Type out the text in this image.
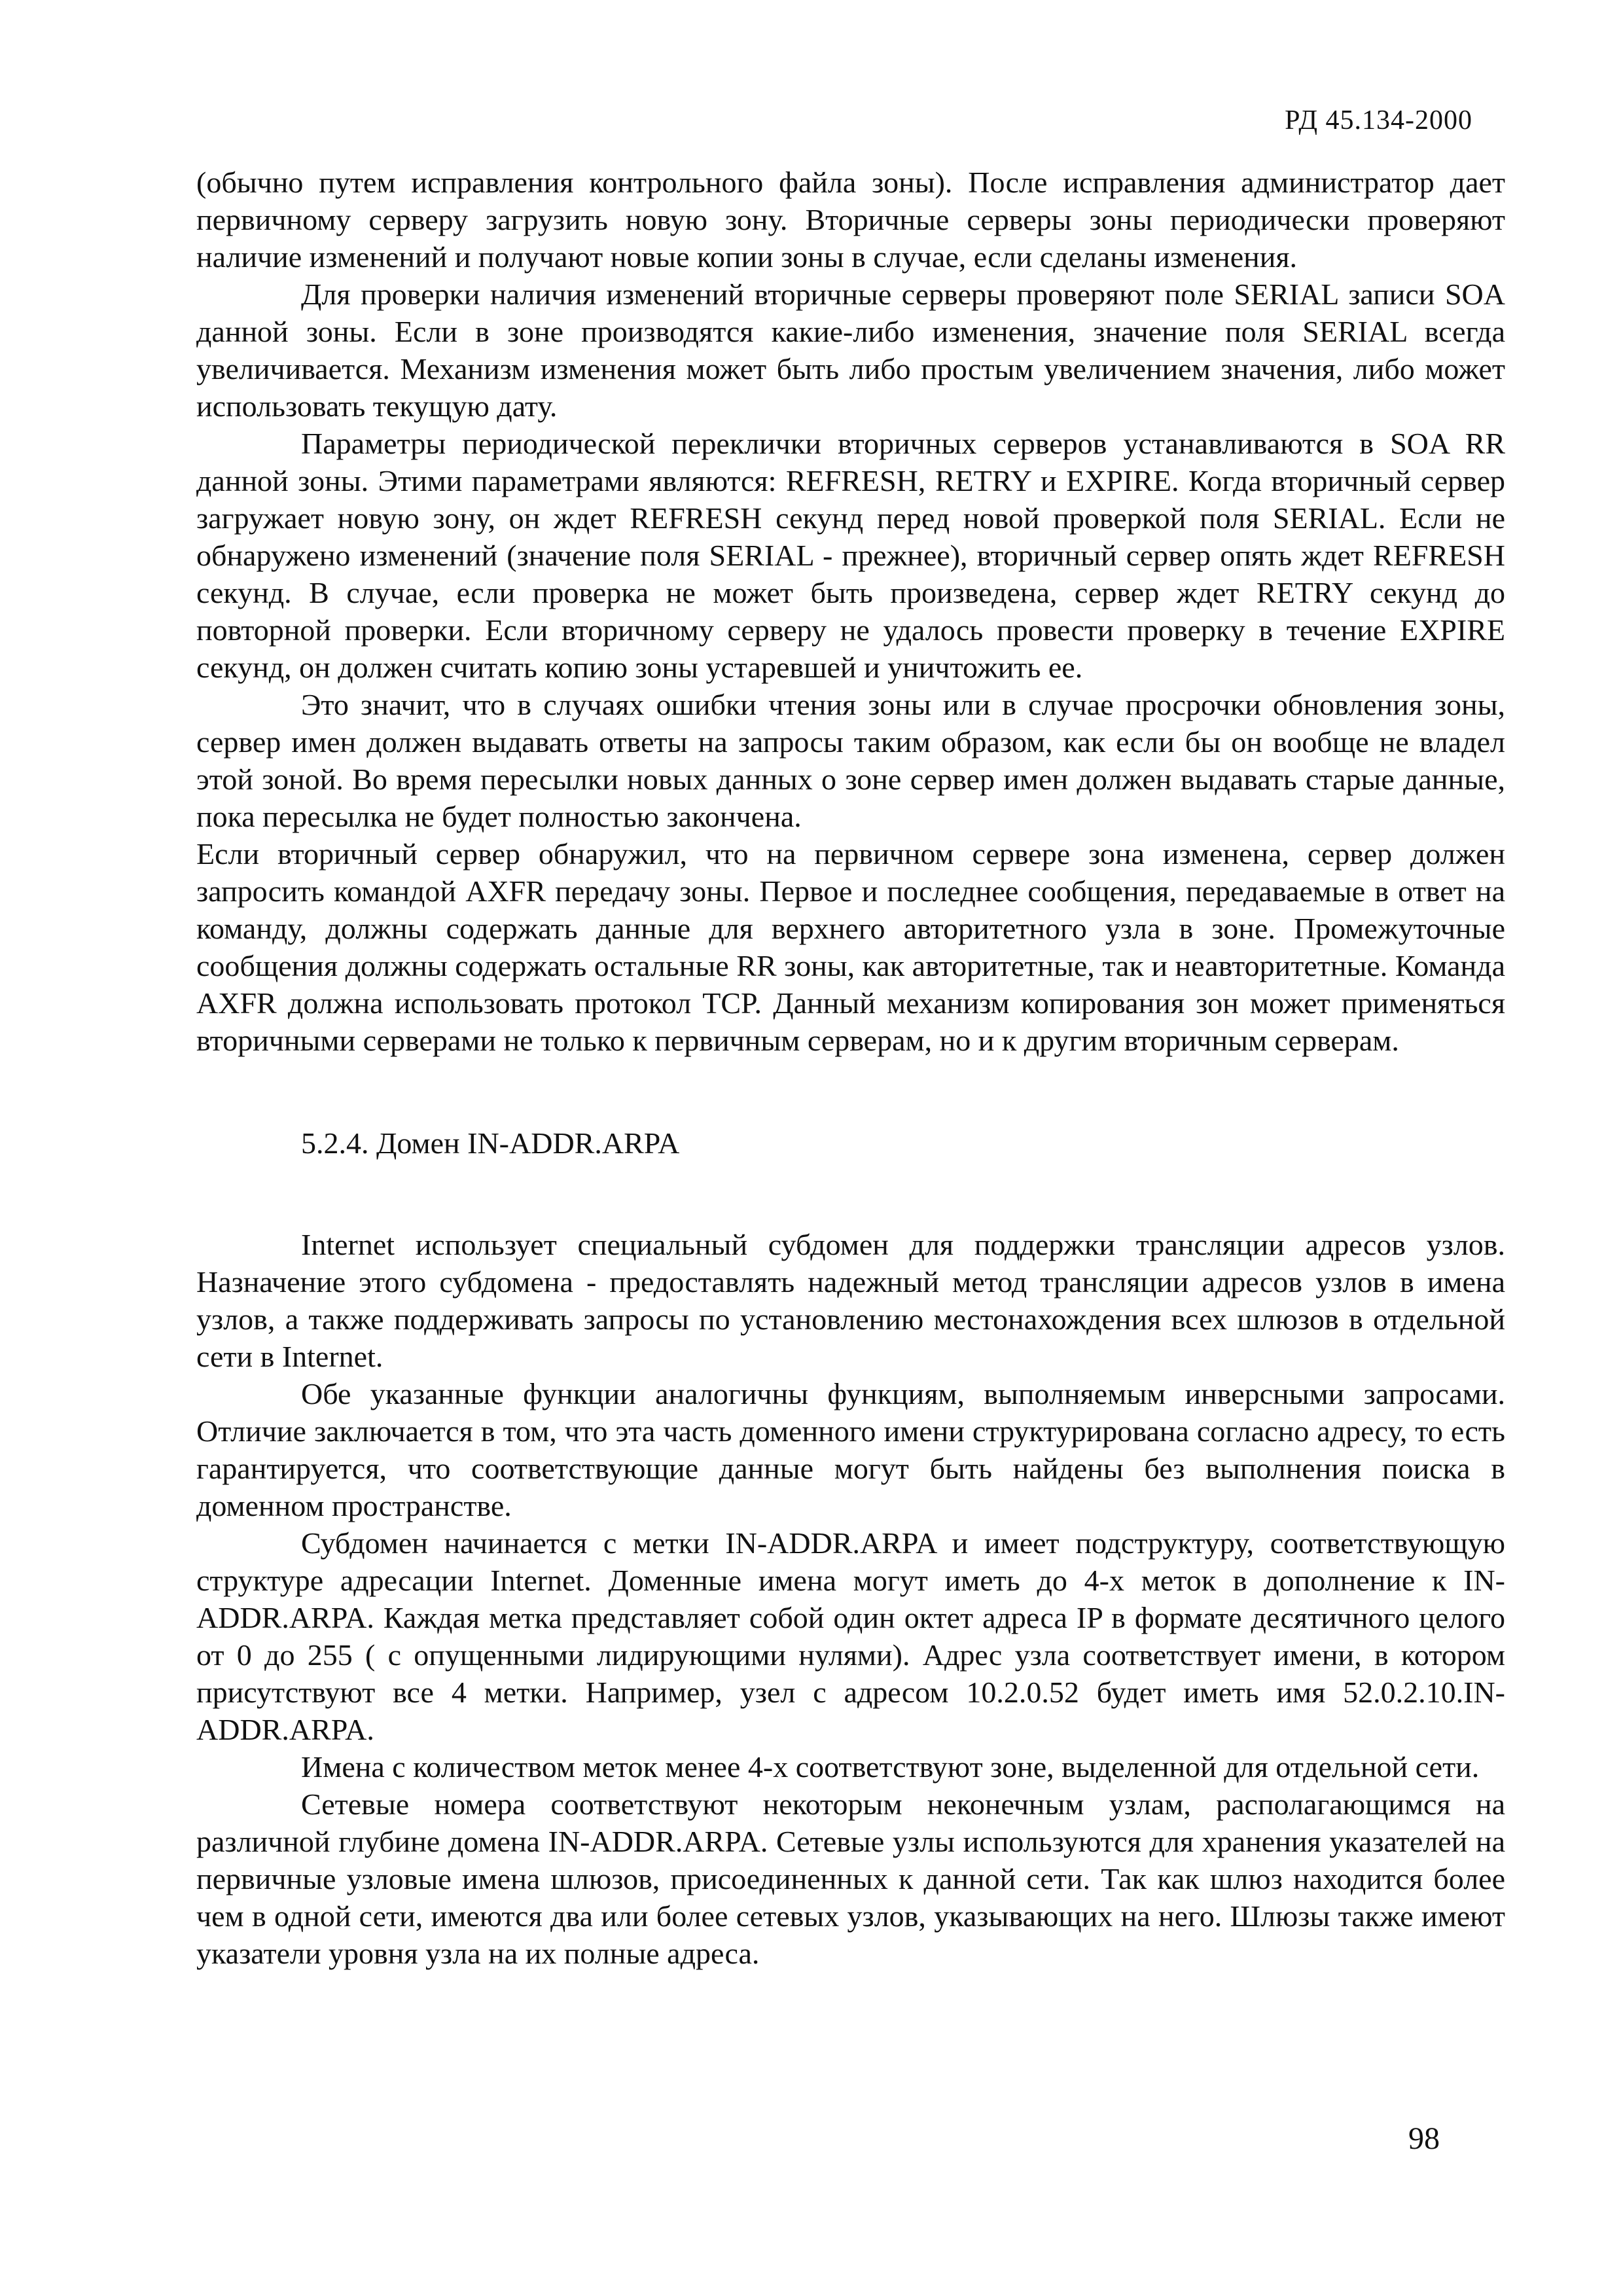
РД 45.134-2000

(обычно путем исправления контрольного файла зоны). После исправления администратор дает первичному серверу загрузить новую зону. Вторичные серверы зоны периодически проверяют наличие изменений и получают новые копии зоны в случае, если сделаны изменения.

Для проверки наличия изменений вторичные серверы проверяют поле SERIAL записи SOA данной зоны. Если в зоне производятся какие-либо изменения, значение поля SERIAL всегда увеличивается. Механизм изменения может быть либо простым увеличением значения, либо может использовать текущую дату.

Параметры периодической переклички вторичных серверов устанавливаются в SOA RR данной зоны. Этими параметрами являются: REFRESH, RETRY и EXPIRE. Когда вторичный сервер загружает новую зону, он ждет REFRESH секунд перед новой проверкой поля SERIAL. Если не обнаружено изменений (значение поля SERIAL - прежнее), вторичный сервер опять ждет REFRESH секунд. В случае, если проверка не может быть произведена, сервер ждет RETRY секунд до повторной проверки. Если вторичному серверу не удалось провести проверку в течение EXPIRE секунд, он должен считать копию зоны устаревшей и уничтожить ее.

Это значит, что в случаях ошибки чтения зоны или в случае просрочки обновления зоны, сервер имен должен выдавать ответы на запросы таким образом, как если бы он вообще не владел этой зоной. Во время пересылки новых данных о зоне сервер имен должен выдавать старые данные, пока пересылка не будет полностью закончена.

Если вторичный сервер обнаружил, что на первичном сервере зона изменена, сервер должен запросить командой AXFR передачу зоны. Первое и последнее сообщения, передаваемые в ответ на команду, должны содержать данные для верхнего авторитетного узла в зоне. Промежуточные сообщения должны содержать остальные RR зоны, как авторитетные, так и неавторитетные. Команда AXFR должна использовать протокол TCP. Данный механизм копирования зон может применяться вторичными серверами не только к первичным серверам, но и к другим вторичным серверам.

5.2.4. Домен IN-ADDR.ARPA

Internet использует специальный субдомен для поддержки трансляции адресов узлов. Назначение этого субдомена - предоставлять надежный метод трансляции адресов узлов в имена узлов, а также поддерживать запросы по установлению местонахождения всех шлюзов в отдельной сети в Internet.

Обе указанные функции аналогичны функциям, выполняемым инверсными запросами. Отличие заключается в том, что эта часть доменного имени структурирована согласно адресу, то есть гарантируется, что соответствующие данные могут быть найдены без выполнения поиска в доменном пространстве.

Субдомен начинается с метки IN-ADDR.ARPA и имеет подструктуру, соответствующую структуре адресации Internet. Доменные имена могут иметь до 4-х меток в дополнение к IN-ADDR.ARPA. Каждая метка представляет собой один октет адреса IP в формате десятичного целого от 0 до 255 ( с опущенными лидирующими нулями). Адрес узла соответствует имени, в котором присутствуют все 4 метки. Например, узел с адресом 10.2.0.52 будет иметь имя 52.0.2.10.IN-ADDR.ARPA.

Имена с количеством меток менее 4-х соответствуют зоне, выделенной для отдельной сети.

Сетевые номера соответствуют некоторым неконечным узлам, располагающимся на различной глубине домена IN-ADDR.ARPA. Сетевые узлы используются для хранения указателей на первичные узловые имена шлюзов, присоединенных к данной сети. Так как шлюз находится более чем в одной сети, имеются два или более сетевых узлов, указывающих на него. Шлюзы также имеют указатели уровня узла на их полные адреса.

98
